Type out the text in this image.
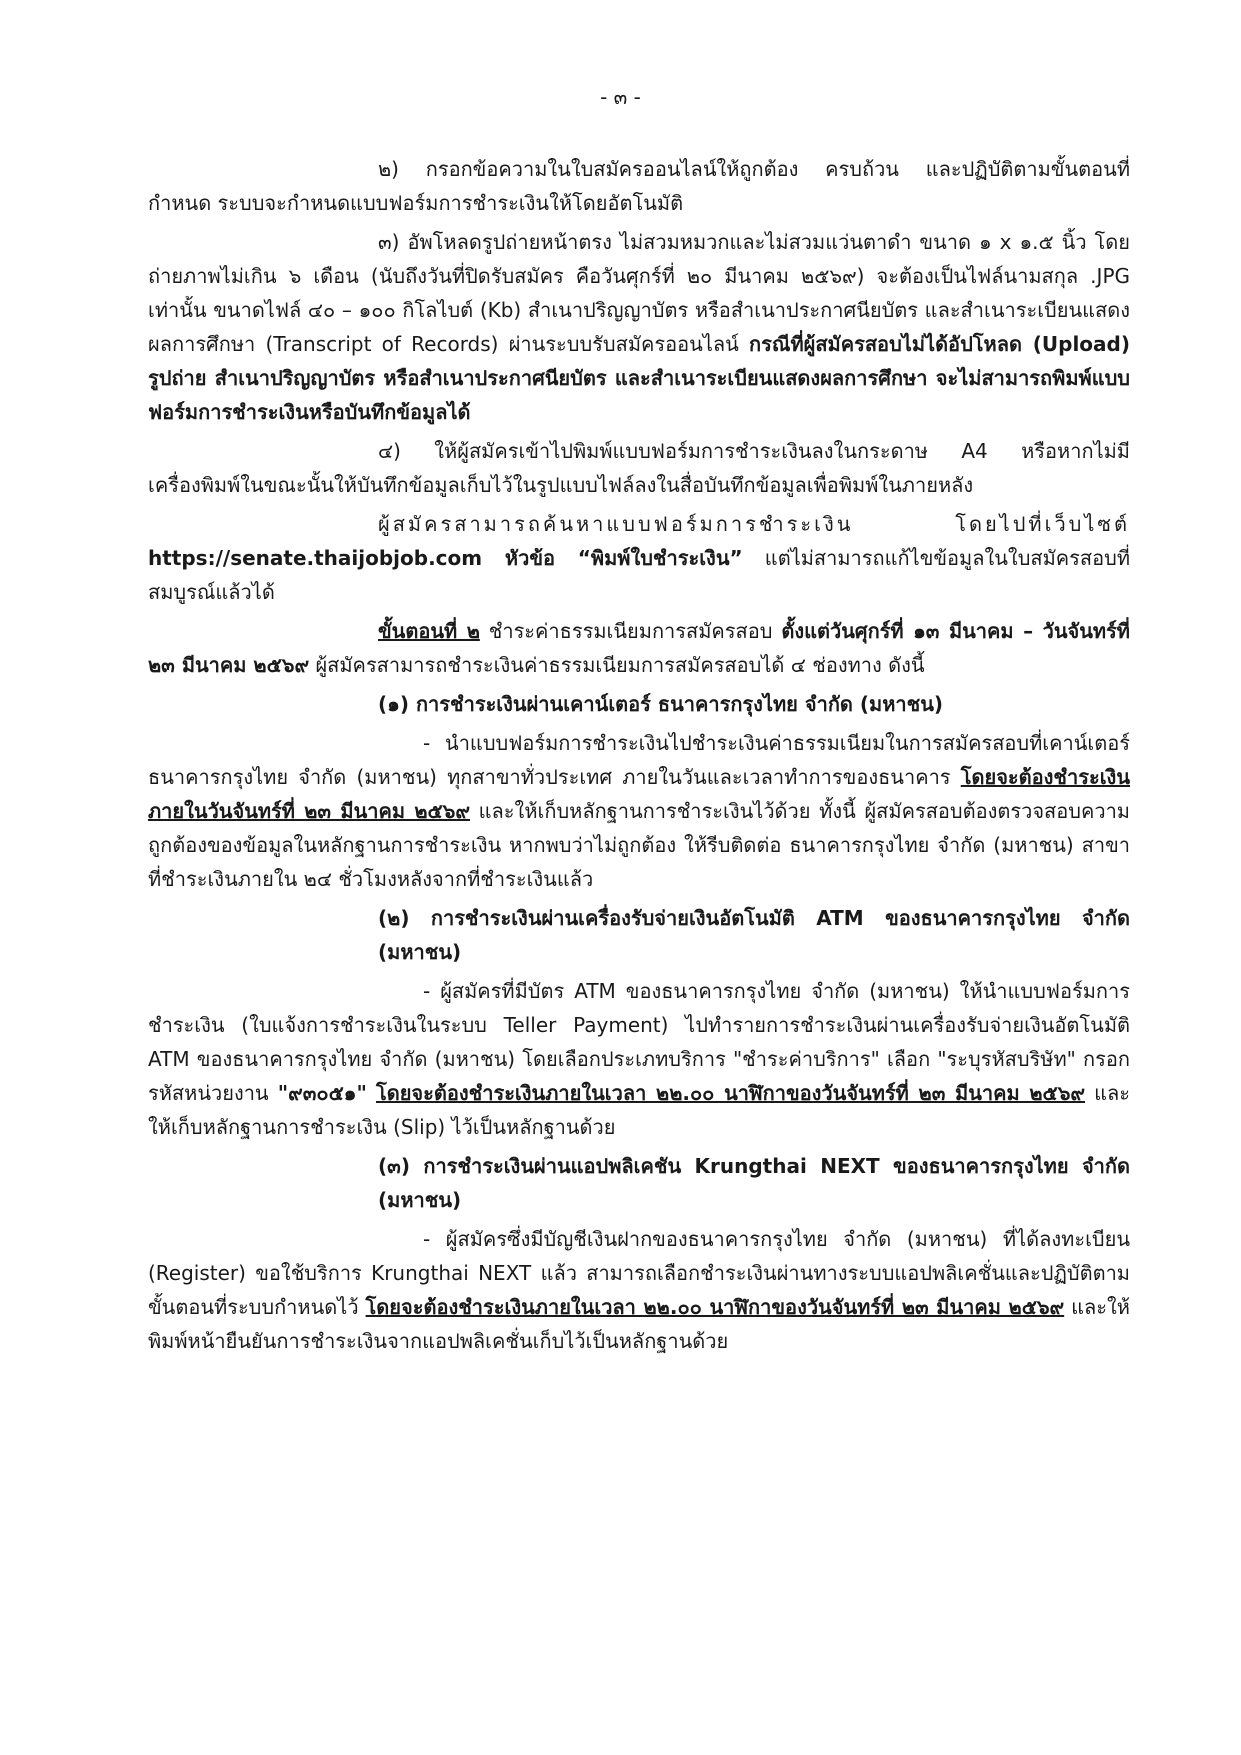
- ๓ -

๒) กรอกข้อความในใบสมัครออนไลน์ให้ถูกต้อง ครบถ้วน และปฏิบัติตามขั้นตอนที่กำหนด ระบบจะกำหนดแบบฟอร์มการชำระเงินให้โดยอัตโนมัติ

๓) อัพโหลดรูปถ่ายหน้าตรง ไม่สวมหมวกและไม่สวมแว่นตาดำ ขนาด ๑ x ๑.๕ นิ้ว โดยถ่ายภาพไม่เกิน ๖ เดือน (นับถึงวันที่ปิดรับสมัคร คือวันศุกร์ที่ ๒๐ มีนาคม ๒๕๖๙) จะต้องเป็นไฟล์นามสกุล .JPG เท่านั้น ขนาดไฟล์ ๔๐ – ๑๐๐ กิโลไบต์ (Kb) สำเนาปริญญาบัตร หรือสำเนาประกาศนียบัตร และสำเนาระเบียนแสดงผลการศึกษา (Transcript of Records) ผ่านระบบรับสมัครออนไลน์ กรณีที่ผู้สมัครสอบไม่ได้อัปโหลด (Upload) รูปถ่าย สำเนาปริญญาบัตร หรือสำเนาประกาศนียบัตร และสำเนาระเบียนแสดงผลการศึกษา จะไม่สามารถพิมพ์แบบฟอร์มการชำระเงินหรือบันทึกข้อมูลได้

๔) ให้ผู้สมัครเข้าไปพิมพ์แบบฟอร์มการชำระเงินลงในกระดาษ A4 หรือหากไม่มีเครื่องพิมพ์ในขณะนั้นให้บันทึกข้อมูลเก็บไว้ในรูปแบบไฟล์ลงในสื่อบันทึกข้อมูลเพื่อพิมพ์ในภายหลัง

ผู้สมัครสามารถค้นหาแบบฟอร์มการชำระเงิน โดยไปที่เว็บไซต์ https://senate.thaijobjob.com หัวข้อ “พิมพ์ใบชำระเงิน” แต่ไม่สามารถแก้ไขข้อมูลในใบสมัครสอบที่สมบูรณ์แล้วได้

ขั้นตอนที่ ๒ ชำระค่าธรรมเนียมการสมัครสอบ ตั้งแต่วันศุกร์ที่ ๑๓ มีนาคม – วันจันทร์ที่ ๒๓ มีนาคม ๒๕๖๙ ผู้สมัครสามารถชำระเงินค่าธรรมเนียมการสมัครสอบได้ ๔ ช่องทาง ดังนี้

(๑) การชำระเงินผ่านเคาน์เตอร์ ธนาคารกรุงไทย จำกัด (มหาชน)

- นำแบบฟอร์มการชำระเงินไปชำระเงินค่าธรรมเนียมในการสมัครสอบที่เคาน์เตอร์ธนาคารกรุงไทย จำกัด (มหาชน) ทุกสาขาทั่วประเทศ ภายในวันและเวลาทำการของธนาคาร โดยจะต้องชำระเงินภายในวันจันทร์ที่ ๒๓ มีนาคม ๒๕๖๙ และให้เก็บหลักฐานการชำระเงินไว้ด้วย ทั้งนี้ ผู้สมัครสอบต้องตรวจสอบความถูกต้องของข้อมูลในหลักฐานการชำระเงิน หากพบว่าไม่ถูกต้อง ให้รีบติดต่อ ธนาคารกรุงไทย จำกัด (มหาชน) สาขาที่ชำระเงินภายใน ๒๔ ชั่วโมงหลังจากที่ชำระเงินแล้ว

(๒) การชำระเงินผ่านเครื่องรับจ่ายเงินอัตโนมัติ ATM ของธนาคารกรุงไทย จำกัด (มหาชน)

- ผู้สมัครที่มีบัตร ATM ของธนาคารกรุงไทย จำกัด (มหาชน) ให้นำแบบฟอร์มการชำระเงิน (ใบแจ้งการชำระเงินในระบบ Teller Payment) ไปทำรายการชำระเงินผ่านเครื่องรับจ่ายเงินอัตโนมัติ ATM ของธนาคารกรุงไทย จำกัด (มหาชน) โดยเลือกประเภทบริการ "ชำระค่าบริการ" เลือก "ระบุรหัสบริษัท" กรอกรหัสหน่วยงาน "๙๓๐๕๑" โดยจะต้องชำระเงินภายในเวลา ๒๒.๐๐ นาฬิกาของวันจันทร์ที่ ๒๓ มีนาคม ๒๕๖๙ และให้เก็บหลักฐานการชำระเงิน (Slip) ไว้เป็นหลักฐานด้วย

(๓) การชำระเงินผ่านแอปพลิเคชัน Krungthai NEXT ของธนาคารกรุงไทย จำกัด (มหาชน)

- ผู้สมัครซึ่งมีบัญชีเงินฝากของธนาคารกรุงไทย จำกัด (มหาชน) ที่ได้ลงทะเบียน (Register) ขอใช้บริการ Krungthai NEXT แล้ว สามารถเลือกชำระเงินผ่านทางระบบแอปพลิเคชั่นและปฏิบัติตามขั้นตอนที่ระบบกำหนดไว้ โดยจะต้องชำระเงินภายในเวลา ๒๒.๐๐ นาฬิกาของวันจันทร์ที่ ๒๓ มีนาคม ๒๕๖๙ และให้พิมพ์หน้ายืนยันการชำระเงินจากแอปพลิเคชั่นเก็บไว้เป็นหลักฐานด้วย
